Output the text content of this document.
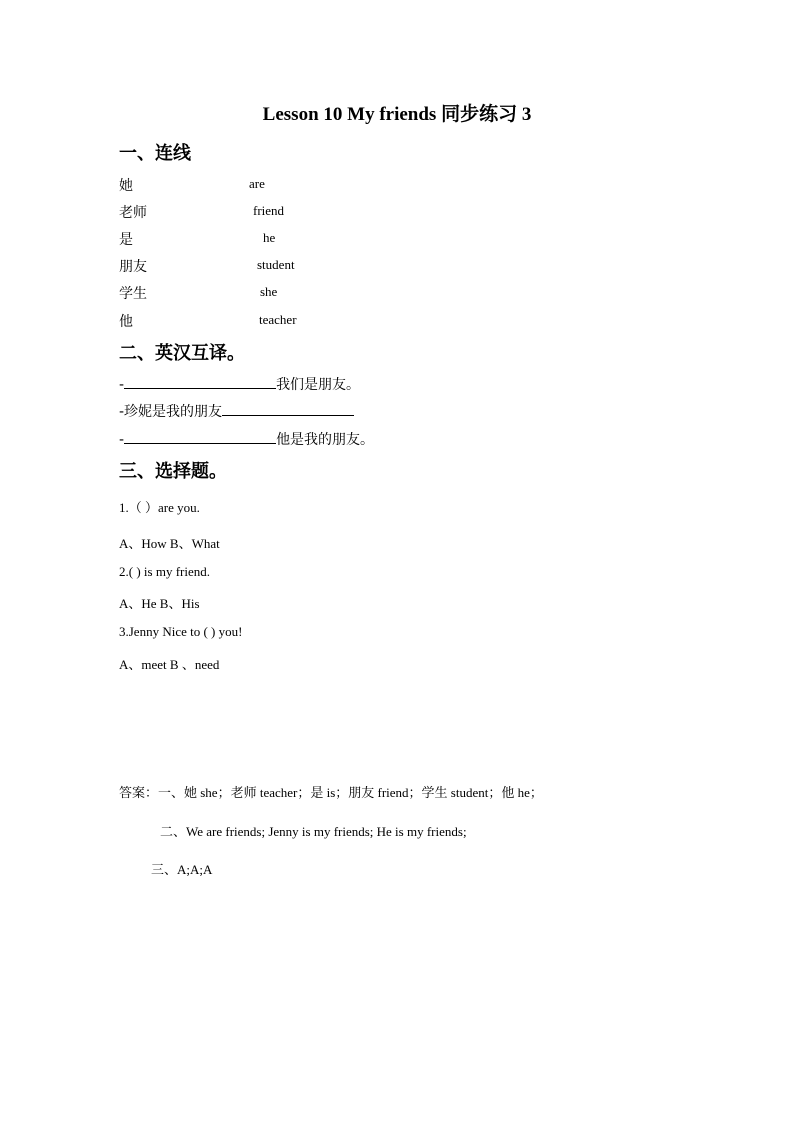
Lesson 10 My friends 同步练习 3
一、连线
她
老师
是
朋友
学生
他
are
friend
he
student
she
teacher
二、英汉互译。
-	我们是朋友。
-珍妮是我的朋友
-	他是我的朋友。
三、选择题。
1.（ ）are you.
A、How B、What
2.( ) is my friend.
A、He B、His
3.Jenny Nice to ( ) you!
A、meet B 、need
答案：一、她 she；老师 teacher；是 is；朋友 friend；学生 student；他 he；
二、We are friends; Jenny is my friends; He is my friends;
三、A;A;A
